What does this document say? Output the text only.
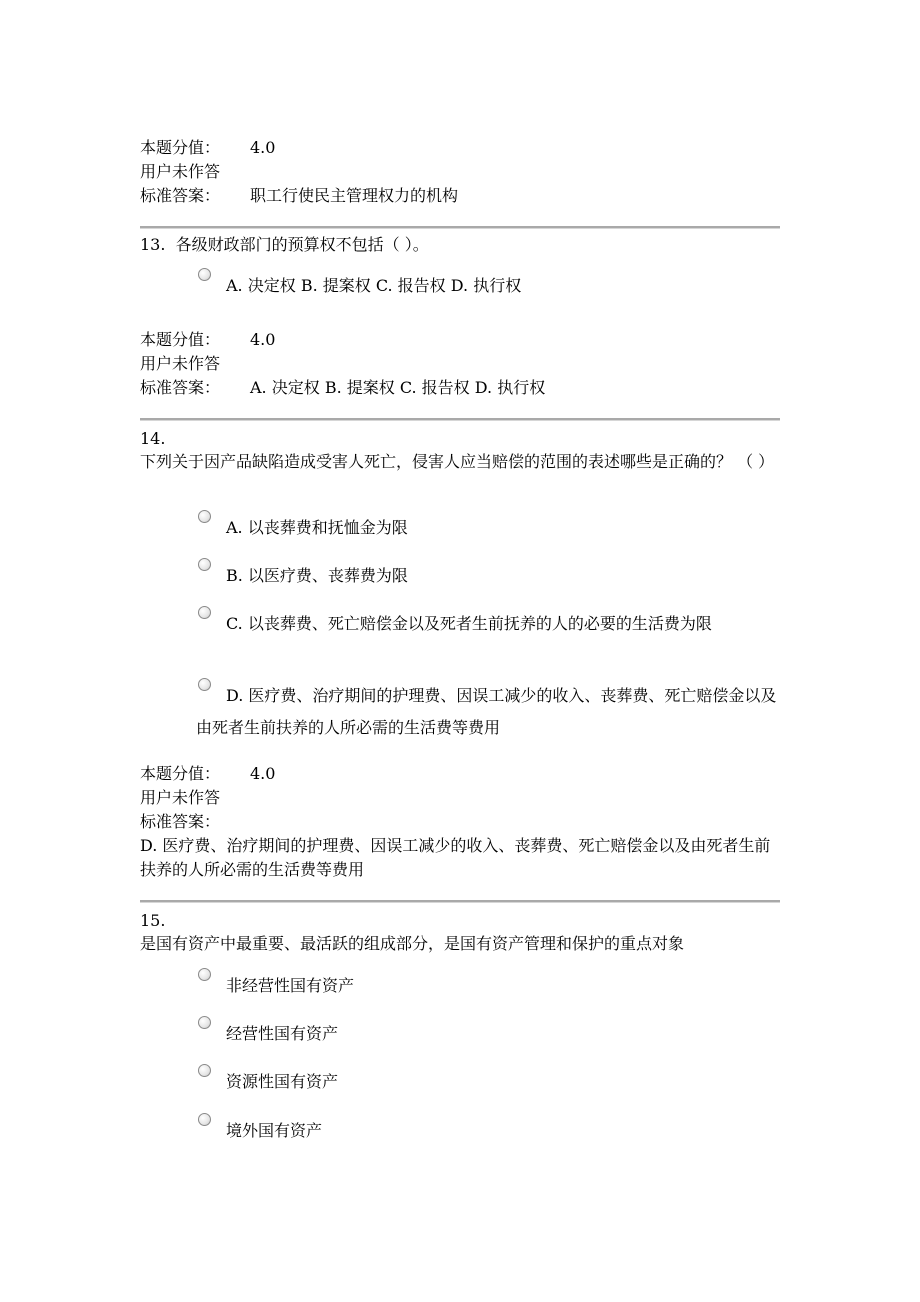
本题分值： 4.0
用户未作答
标准答案： 职工行使民主管理权力的机构
13. 各级财政部门的预算权不包括（ ）。
A. 决定权 B. 提案权 C. 报告权 D. 执行权
本题分值： 4.0
用户未作答
标准答案： A. 决定权 B. 提案权 C. 报告权 D. 执行权
14.
下列关于因产品缺陷造成受害人死亡，侵害人应当赔偿的范围的表述哪些是正确的？ （ ）
A. 以丧葬费和抚恤金为限
B. 以医疗费、丧葬费为限
C. 以丧葬费、死亡赔偿金以及死者生前抚养的人的必要的生活费为限
D. 医疗费、治疗期间的护理费、因误工减少的收入、丧葬费、死亡赔偿金以及由死者生前扶养的人所必需的生活费等费用
本题分值： 4.0
用户未作答
标准答案：
D. 医疗费、治疗期间的护理费、因误工减少的收入、丧葬费、死亡赔偿金以及由死者生前扶养的人所必需的生活费等费用
15.
是国有资产中最重要、最活跃的组成部分，是国有资产管理和保护的重点对象
非经营性国有资产
经营性国有资产
资源性国有资产
境外国有资产
